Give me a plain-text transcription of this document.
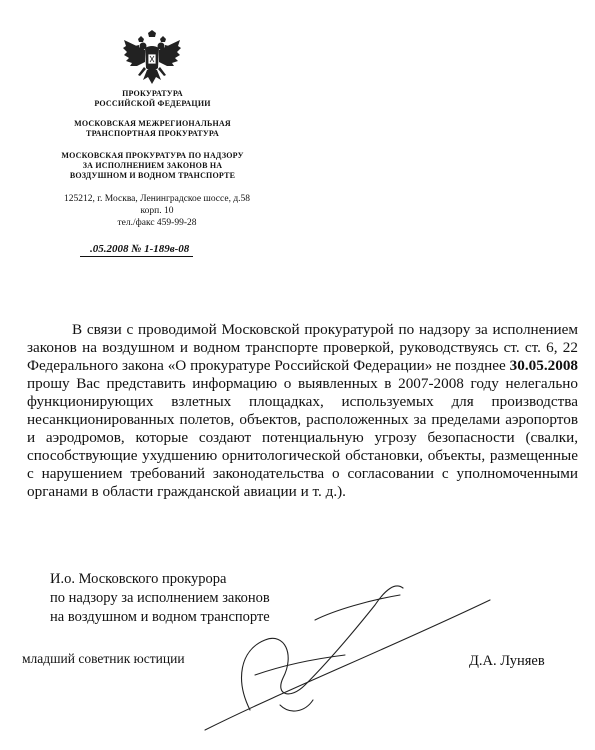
ПРОКУРАТУРА
РОССИЙСКОЙ ФЕДЕРАЦИИ
МОСКОВСКАЯ МЕЖРЕГИОНАЛЬНАЯ
ТРАНСПОРТНАЯ ПРОКУРАТУРА
МОСКОВСКАЯ ПРОКУРАТУРА ПО НАДЗОРУ
ЗА ИСПОЛНЕНИЕМ ЗАКОНОВ НА
ВОЗДУШНОМ И ВОДНОМ ТРАНСПОРТЕ
125212, г. Москва, Ленинградское шоссе, д.58
корп. 10
тел./факс 459-99-28
.05.2008 № 1-189в-08

В связи с проводимой Московской прокуратурой по надзору за исполнением законов на воздушном и водном транспорте проверкой, руководствуясь ст. ст. 6, 22 Федерального закона «О прокуратуре Российской Федерации» не позднее 30.05.2008 прошу Вас представить информацию о выявленных в 2007-2008 году нелегально функционирующих взлетных площадках, используемых для производства несанкционированных полетов, объектов, расположенных за пределами аэропортов и аэродромов, которые создают потенциальную угрозу безопасности (свалки, способствующие ухудшению орнитологической обстановки, объекты, размещенные с нарушением требований законодательства о согласовании с уполномоченными органами в области гражданской авиации и т. д.).

И.о. Московского прокурора
по надзору за исполнением законов
на воздушном и водном транспорте
младший советник юстиции	Д.А. Луняев
